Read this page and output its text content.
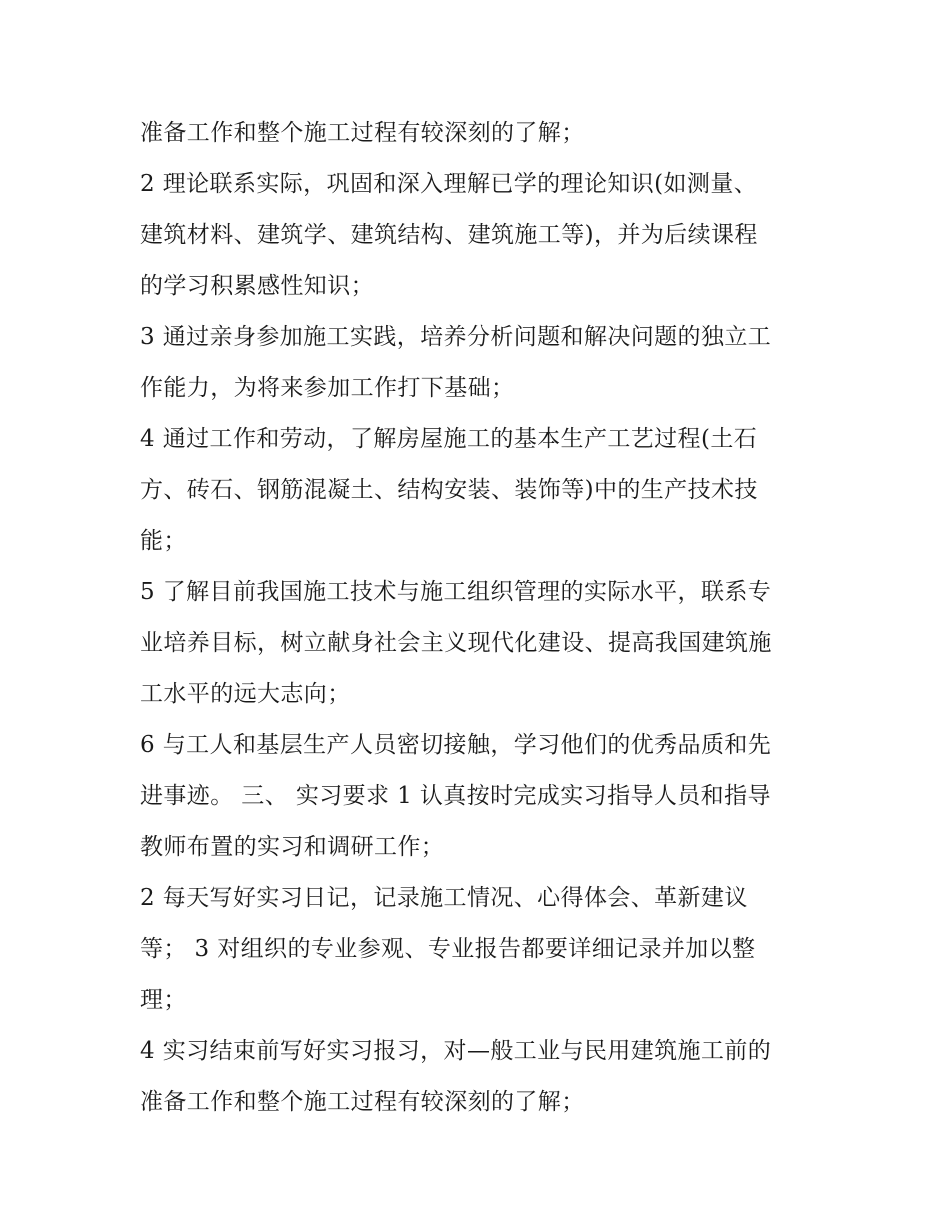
准备工作和整个施工过程有较深刻的了解；
2 理论联系实际，巩固和深入理解已学的理论知识(如测量、
建筑材料、建筑学、建筑结构、建筑施工等)，并为后续课程
的学习积累感性知识；
3 通过亲身参加施工实践，培养分析问题和解决问题的独立工
作能力，为将来参加工作打下基础；
4 通过工作和劳动，了解房屋施工的基本生产工艺过程(土石
方、砖石、钢筋混凝土、结构安装、装饰等)中的生产技术技
能；
5 了解目前我国施工技术与施工组织管理的实际水平，联系专
业培养目标，树立献身社会主义现代化建设、提高我国建筑施
工水平的远大志向；
6 与工人和基层生产人员密切接触，学习他们的优秀品质和先
进事迹。 三、 实习要求 1 认真按时完成实习指导人员和指导
教师布置的实习和调研工作；
2 每天写好实习日记，记录施工情况、心得体会、革新建议
等； 3 对组织的专业参观、专业报告都要详细记录并加以整
理；
4 实习结束前写好实习报习，对—般工业与民用建筑施工前的
准备工作和整个施工过程有较深刻的了解；
